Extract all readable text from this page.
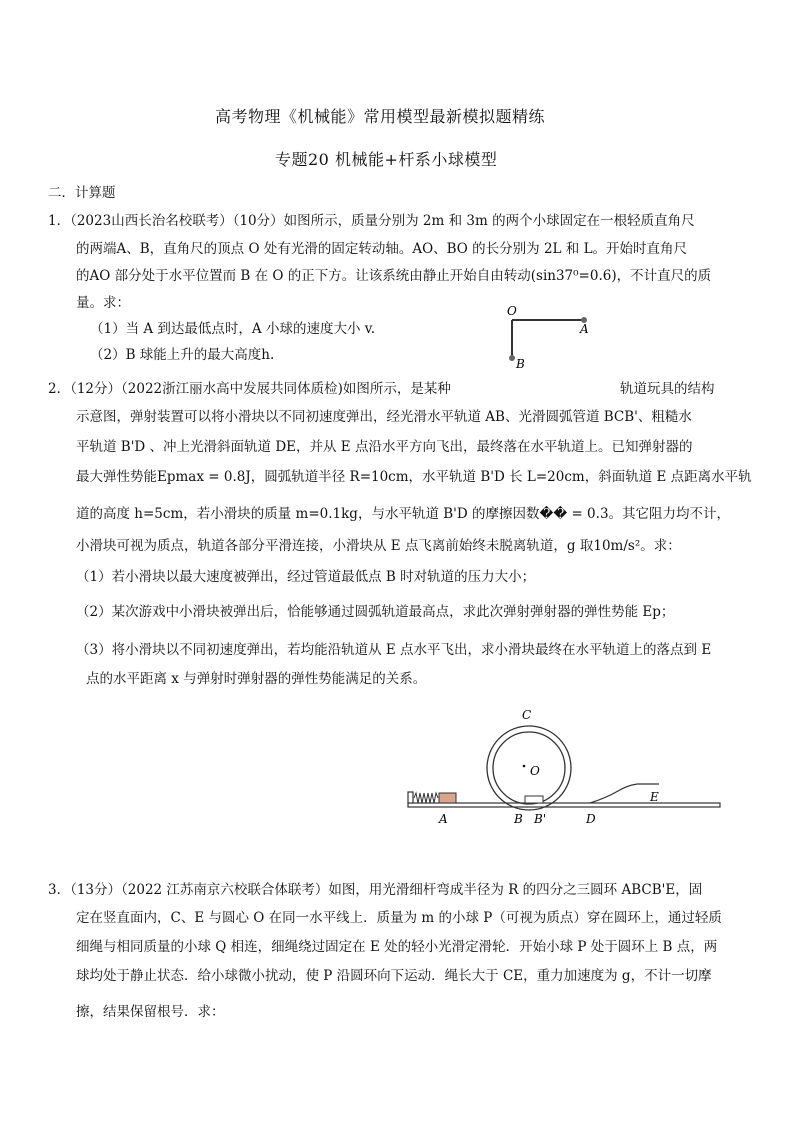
高考物理《机械能》常用模型最新模拟题精练
专题20 机械能+杆系小球模型
二．计算题
1．（2023山西长治名校联考）（10分）如图所示，质量分别为 2m 和 3m 的两个小球固定在一根轻质直角尺
的两端A、B，直角尺的顶点 O 处有光滑的固定转动轴。AO、BO 的长分别为 2L 和 L。开始时直角尺
的AO 部分处于水平位置而 B 在 O 的正下方。让该系统由静止开始自由转动(sin37⁰=0.6)，不计直尺的质
量。求：
（1）当 A 到达最低点时，A 小球的速度大小 v.
（2）B 球能上升的最大高度h.
O
A
B
2．（12分）（2022浙江丽水高中发展共同体质检)如图所示，是某种	轨道玩具的结构
示意图，弹射装置可以将小滑块以不同初速度弹出，经光滑水平轨道 AB、光滑圆弧管道 BCB'、粗糙水
平轨道 B'D 、冲上光滑斜面轨道 DE，并从 E 点沿水平方向飞出，最终落在水平轨道上。已知弹射器的
最大弹性势能Epmax = 0.8J，圆弧轨道半径 R=10cm，水平轨道 B'D 长 L=20cm，斜面轨道 E 点距离水平轨
道的高度 h=5cm，若小滑块的质量 m=0.1kg，与水平轨道 B'D 的摩擦因数�� = 0.3。其它阻力均不计，
小滑块可视为质点，轨道各部分平滑连接，小滑块从 E 点飞离前始终未脱离轨道，g 取10m/s²。求：
（1）若小滑块以最大速度被弹出，经过管道最低点 B 时对轨道的压力大小；
（2）某次游戏中小滑块被弹出后，恰能够通过圆弧轨道最高点，求此次弹射弹射器的弹性势能 Ep；
（3）将小滑块以不同初速度弹出，若均能沿轨道从 E 点水平飞出，求小滑块最终在水平轨道上的落点到 E
点的水平距离 x 与弹射时弹射器的弹性势能满足的关系。
C
O
E
A	B B'	D
3．（13分）（2022 江苏南京六校联合体联考）如图，用光滑细杆弯成半径为 R 的四分之三圆环 ABCB'E，固
定在竖直面内，C、E 与圆心 O 在同一水平线上．质量为 m 的小球 P（可视为质点）穿在圆环上，通过轻质
细绳与相同质量的小球 Q 相连，细绳绕过固定在 E 处的轻小光滑定滑轮．开始小球 P 处于圆环上 B 点，两
球均处于静止状态．给小球微小扰动，使 P 沿圆环向下运动．绳长大于 CE，重力加速度为 g，不计一切摩
擦，结果保留根号．求：
